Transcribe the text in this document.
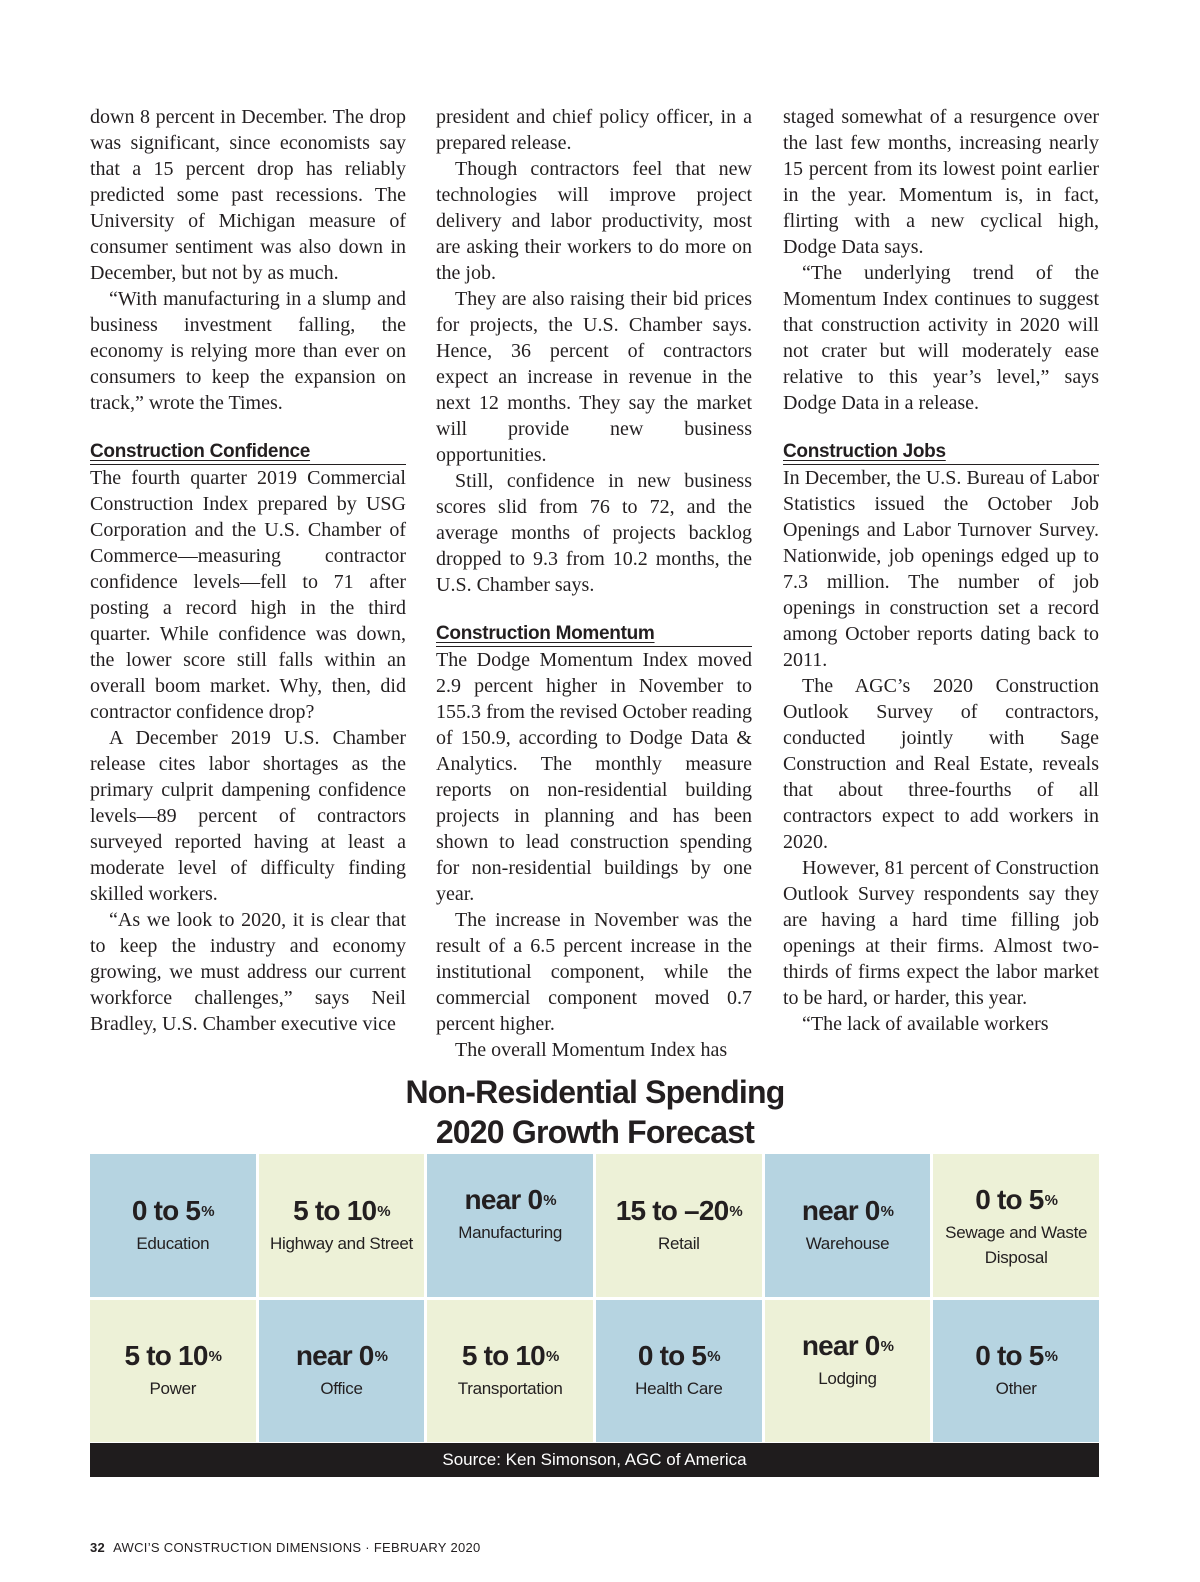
down 8 percent in December. The drop was significant, since economists say that a 15 percent drop has reliably predicted some past recessions. The University of Michigan measure of consumer sentiment was also down in December, but not by as much.

“With manufacturing in a slump and business investment falling, the economy is relying more than ever on consumers to keep the expansion on track,” wrote the Times.

Construction Confidence

The fourth quarter 2019 Commercial Construction Index prepared by USG Corporation and the U.S. Chamber of Commerce—measuring contractor confidence levels—fell to 71 after posting a record high in the third quarter. While confidence was down, the lower score still falls within an overall boom market. Why, then, did contractor confidence drop?

A December 2019 U.S. Chamber release cites labor shortages as the primary culprit dampening confidence levels—89 percent of contractors surveyed reported having at least a moderate level of difficulty finding skilled workers.

“As we look to 2020, it is clear that to keep the industry and economy growing, we must address our current workforce challenges,” says Neil Bradley, U.S. Chamber executive vice

president and chief policy officer, in a prepared release.

Though contractors feel that new technologies will improve project delivery and labor productivity, most are asking their workers to do more on the job.

They are also raising their bid prices for projects, the U.S. Chamber says. Hence, 36 percent of contractors expect an increase in revenue in the next 12 months. They say the market will provide new business opportunities.

Still, confidence in new business scores slid from 76 to 72, and the average months of projects backlog dropped to 9.3 from 10.2 months, the U.S. Chamber says.

Construction Momentum

The Dodge Momentum Index moved 2.9 percent higher in November to 155.3 from the revised October reading of 150.9, according to Dodge Data & Analytics. The monthly measure reports on non-residential building projects in planning and has been shown to lead construction spending for non-residential buildings by one year.

The increase in November was the result of a 6.5 percent increase in the institutional component, while the commercial component moved 0.7 percent higher.

The overall Momentum Index has

staged somewhat of a resurgence over the last few months, increasing nearly 15 percent from its lowest point earlier in the year. Momentum is, in fact, flirting with a new cyclical high, Dodge Data says.

“The underlying trend of the Momentum Index continues to suggest that construction activity in 2020 will not crater but will moderately ease relative to this year’s level,” says Dodge Data in a release.

Construction Jobs

In December, the U.S. Bureau of Labor Statistics issued the October Job Openings and Labor Turnover Survey. Nationwide, job openings edged up to 7.3 million. The number of job openings in construction set a record among October reports dating back to 2011.

The AGC’s 2020 Construction Outlook Survey of contractors, conducted jointly with Sage Construction and Real Estate, reveals that about three-fourths of all contractors expect to add workers in 2020.

However, 81 percent of Construction Outlook Survey respondents say they are having a hard time filling job openings at their firms. Almost two-thirds of firms expect the labor market to be hard, or harder, this year.

“The lack of available workers

Non-Residential Spending
2020 Growth Forecast
0 to 5%
Education
5 to 10%
Highway and Street
near 0%
Manufacturing
15 to –20%
Retail
near 0%
Warehouse
0 to 5%
Sewage and Waste Disposal
5 to 10%
Power
near 0%
Office
5 to 10%
Transportation
0 to 5%
Health Care
near 0%
Lodging
0 to 5%
Other
Source: Ken Simonson, AGC of America
32 AWCI’S CONSTRUCTION DIMENSIONS · FEBRUARY 2020
